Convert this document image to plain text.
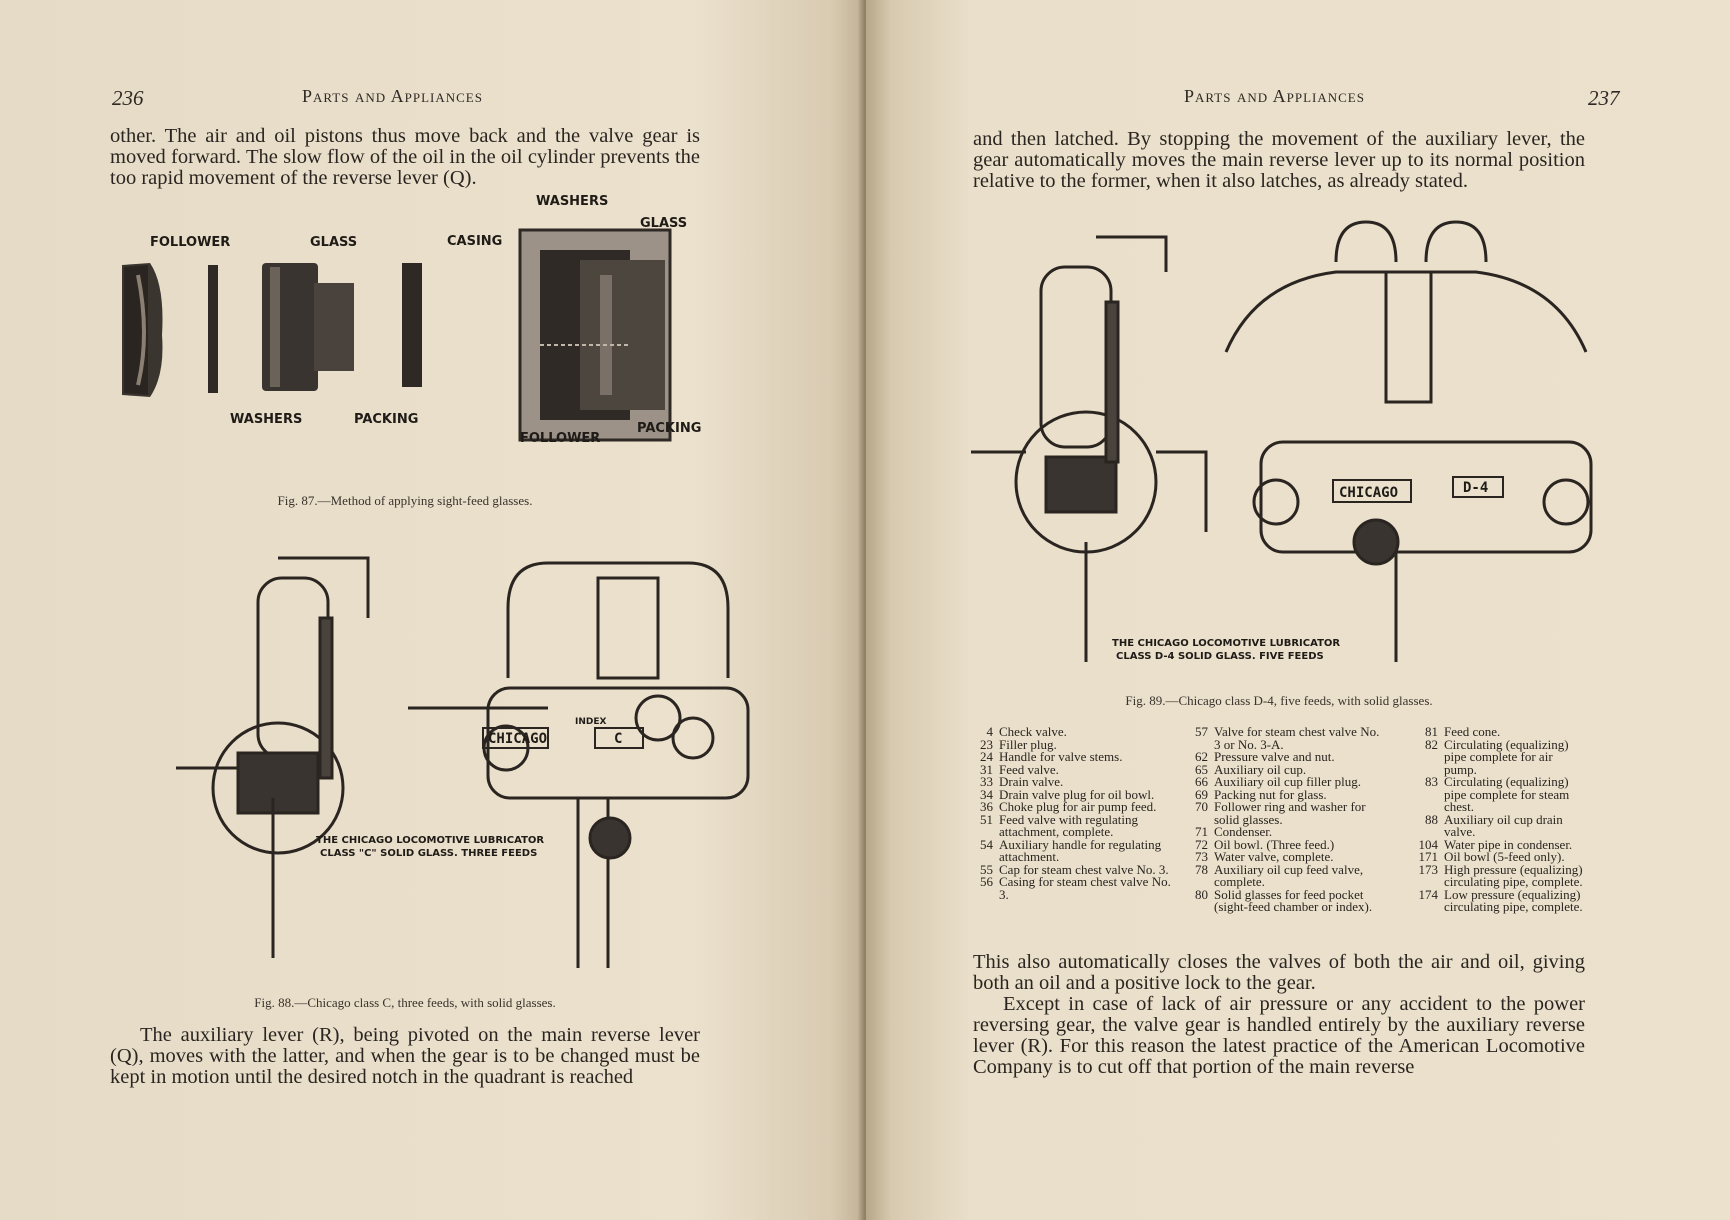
236	Parts and Appliances
other. The air and oil pistons thus move back and the valve gear is moved forward. The slow flow of the oil in the oil cylinder prevents the too rapid movement of the reverse lever (Q).
WASHERS
GLASS
FOLLOWER	GLASS	CASING
WASHERS	PACKING
FOLLOWER
PACKING
Fig. 87.—Method of applying sight-feed glasses.
CHICAGO	C
INDEX
THE CHICAGO LOCOMOTIVE LUBRICATOR
CLASS "C" SOLID GLASS. THREE FEEDS
Fig. 88.—Chicago class C, three feeds, with solid glasses.
The auxiliary lever (R), being pivoted on the main reverse lever (Q), moves with the latter, and when the gear is to be changed must be kept in motion until the desired notch in the quadrant is reached
Parts and Appliances	237
and then latched. By stopping the movement of the auxiliary lever, the gear automatically moves the main reverse lever up to its normal position relative to the former, when it also latches, as already stated.
CHICAGO	D-4
THE CHICAGO LOCOMOTIVE LUBRICATOR
CLASS D-4 SOLID GLASS. FIVE FEEDS
Fig. 89.—Chicago class D-4, five feeds, with solid glasses.
4 Check valve.
23 Filler plug.
24 Handle for valve stems.
31 Feed valve.
33 Drain valve.
34 Drain valve plug for oil bowl.
36 Choke plug for air pump feed.
51 Feed valve with regulating attachment, complete.
54 Auxiliary handle for regulating attachment.
55 Cap for steam chest valve No. 3.
56 Casing for steam chest valve No. 3.
57 Valve for steam chest valve No. 3 or No. 3-A.
62 Pressure valve and nut.
65 Auxiliary oil cup.
66 Auxiliary oil cup filler plug.
69 Packing nut for glass.
70 Follower ring and washer for solid glasses.
71 Condenser.
72 Oil bowl. (Three feed.)
73 Water valve, complete.
78 Auxiliary oil cup feed valve, complete.
80 Solid glasses for feed pocket (sight-feed chamber or index).
81 Feed cone.
82 Circulating (equalizing) pipe complete for air pump.
83 Circulating (equalizing) pipe complete for steam chest.
88 Auxiliary oil cup drain valve.
104 Water pipe in condenser.
171 Oil bowl (5-feed only).
173 High pressure (equalizing) circulating pipe, complete.
174 Low pressure (equalizing) circulating pipe, complete.
This also automatically closes the valves of both the air and oil, giving both an oil and a positive lock to the gear.
Except in case of lack of air pressure or any accident to the power reversing gear, the valve gear is handled entirely by the auxiliary reverse lever (R). For this reason the latest practice of the American Locomotive Company is to cut off that portion of the main reverse
